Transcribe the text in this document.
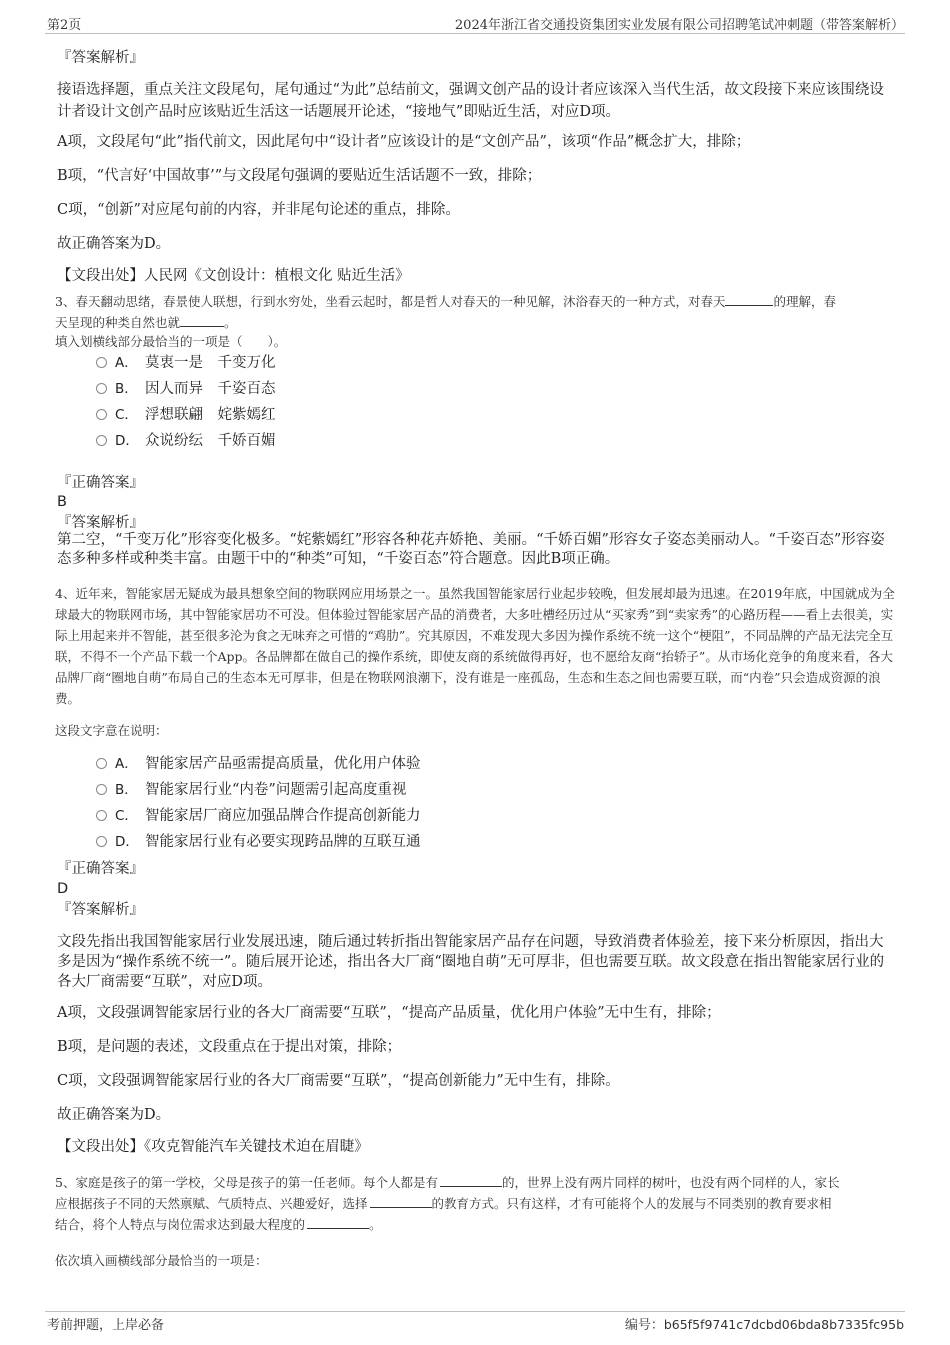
第2页	2024年浙江省交通投资集团实业发展有限公司招聘笔试冲刺题（带答案解析）
『答案解析』
接语选择题，重点关注文段尾句，尾句通过“为此”总结前文，强调文创产品的设计者应该深入当代生活，故文段接下来应该围绕设计者设计文创产品时应该贴近生活这一话题展开论述，“接地气”即贴近生活，对应D项。
A项，文段尾句“此”指代前文，因此尾句中“设计者”应该设计的是“文创产品”，该项“作品”概念扩大，排除；
B项，“代言好‘中国故事’”与文段尾句强调的要贴近生活话题不一致，排除；
C项，“创新”对应尾句前的内容，并非尾句论述的重点，排除。
故正确答案为D。
【文段出处】人民网《文创设计：植根文化 贴近生活》
3、春天翻动思绪，春景使人联想，行到水穷处，坐看云起时，都是哲人对春天的一种见解，沐浴春天的一种方式，对春天	的理解，春
天呈现的种类自然也就	。
填入划横线部分最恰当的一项是（　　）。
A． 莫衷一是　千变万化
B． 因人而异　千姿百态
C． 浮想联翩　姹紫嫣红
D． 众说纷纭　千娇百媚
『正确答案』
B
『答案解析』
第二空，“千变万化”形容变化极多。“姹紫嫣红”形容各种花卉娇艳、美丽。“千娇百媚”形容女子姿态美丽动人。“千姿百态”形容姿态多种多样或种类丰富。由题干中的“种类”可知，“千姿百态”符合题意。因此B项正确。
4、近年来，智能家居无疑成为最具想象空间的物联网应用场景之一。虽然我国智能家居行业起步较晚，但发展却最为迅速。在2019年底，中国就成为全球最大的物联网市场，其中智能家居功不可没。但体验过智能家居产品的消费者，大多吐槽经历过从“买家秀”到“卖家秀”的心路历程——看上去很美，实际上用起来并不智能，甚至很多沦为食之无味弃之可惜的“鸡肋”。究其原因，不难发现大多因为操作系统不统一这个“梗阻”，不同品牌的产品无法完全互联，不得不一个产品下载一个App。各品牌都在做自己的操作系统，即使友商的系统做得再好，也不愿给友商“抬轿子”。从市场化竞争的角度来看，各大品牌厂商“圈地自萌”布局自己的生态本无可厚非，但是在物联网浪潮下，没有谁是一座孤岛，生态和生态之间也需要互联，而“内卷”只会造成资源的浪费。
这段文字意在说明：
A． 智能家居产品亟需提高质量，优化用户体验
B． 智能家居行业“内卷”问题需引起高度重视
C． 智能家居厂商应加强品牌合作提高创新能力
D． 智能家居行业有必要实现跨品牌的互联互通
『正确答案』
D
『答案解析』
文段先指出我国智能家居行业发展迅速，随后通过转折指出智能家居产品存在问题，导致消费者体验差，接下来分析原因，指出大多是因为“操作系统不统一”。随后展开论述，指出各大厂商“圈地自萌”无可厚非，但也需要互联。故文段意在指出智能家居行业的各大厂商需要“互联”，对应D项。
A项，文段强调智能家居行业的各大厂商需要“互联”，“提高产品质量，优化用户体验”无中生有，排除；
B项，是问题的表述，文段重点在于提出对策，排除；
C项，文段强调智能家居行业的各大厂商需要“互联”，“提高创新能力”无中生有，排除。
故正确答案为D。
【文段出处】《攻克智能汽车关键技术迫在眉睫》
5、家庭是孩子的第一学校，父母是孩子的第一任老师。每个人都是有	的，世界上没有两片同样的树叶，也没有两个同样的人，家长
应根据孩子不同的天然禀赋、气质特点、兴趣爱好，选择	的教育方式。只有这样，才有可能将个人的发展与不同类别的教育要求相
结合，将个人特点与岗位需求达到最大程度的	。
依次填入画横线部分最恰当的一项是：
考前押题，上岸必备	编号：b65f5f9741c7dcbd06bda8b7335fc95b
